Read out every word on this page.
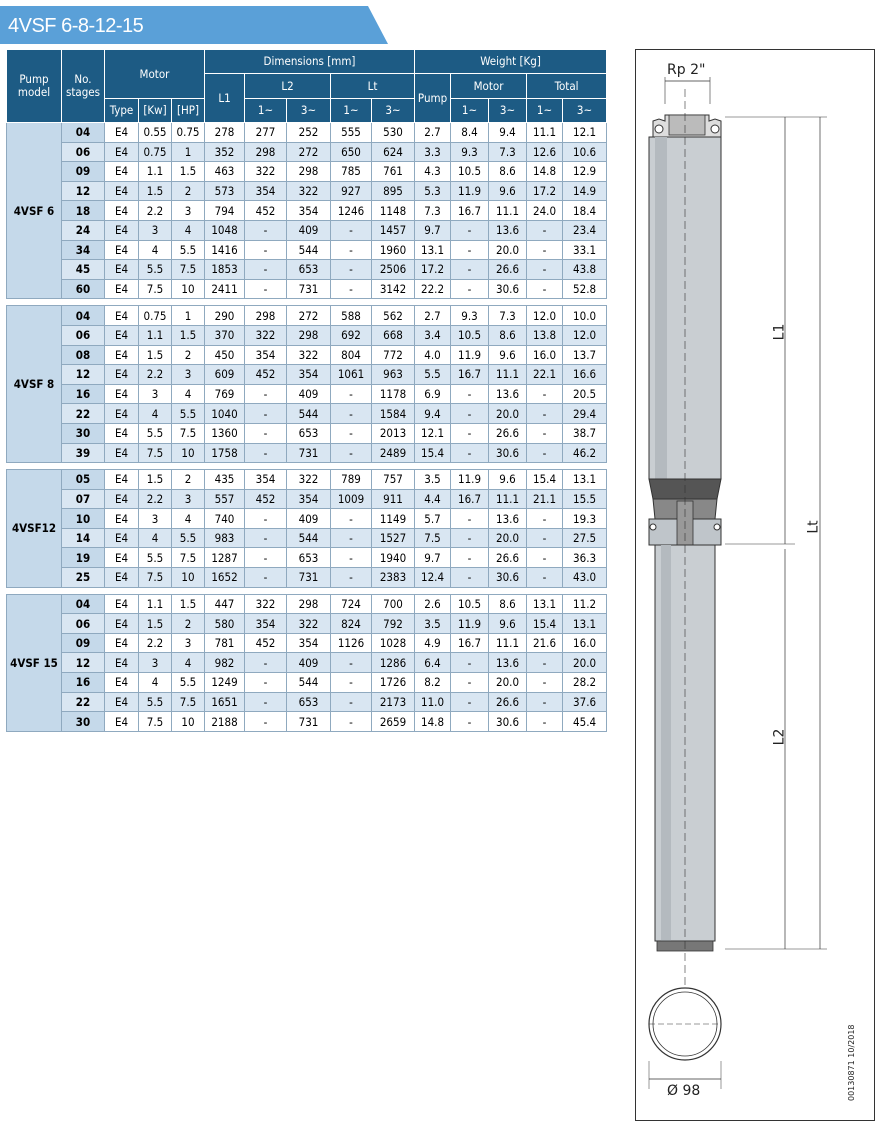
4VSF 6-8-12-15
Pump model	No. stages	Motor			Dimensions [mm]					Weight [Kg]				
					L1	L2		Lt		Pump	Motor		Total	
		Type	[Kw]	[HP]		1~	3~	1~	3~		1~	3~	1~	3~
4VSF 6	04	E4	0.55	0.75	278	277	252	555	530	2.7	8.4	9.4	11.1	12.1
	06	E4	0.75	1	352	298	272	650	624	3.3	9.3	7.3	12.6	10.6
	09	E4	1.1	1.5	463	322	298	785	761	4.3	10.5	8.6	14.8	12.9
	12	E4	1.5	2	573	354	322	927	895	5.3	11.9	9.6	17.2	14.9
	18	E4	2.2	3	794	452	354	1246	1148	7.3	16.7	11.1	24.0	18.4
	24	E4	3	4	1048	-	409	-	1457	9.7	-	13.6	-	23.4
	34	E4	4	5.5	1416	-	544	-	1960	13.1	-	20.0	-	33.1
	45	E4	5.5	7.5	1853	-	653	-	2506	17.2	-	26.6	-	43.8
	60	E4	7.5	10	2411	-	731	-	3142	22.2	-	30.6	-	52.8

4VSF 8	04	E4	0.75	1	290	298	272	588	562	2.7	9.3	7.3	12.0	10.0
	06	E4	1.1	1.5	370	322	298	692	668	3.4	10.5	8.6	13.8	12.0
	08	E4	1.5	2	450	354	322	804	772	4.0	11.9	9.6	16.0	13.7
	12	E4	2.2	3	609	452	354	1061	963	5.5	16.7	11.1	22.1	16.6
	16	E4	3	4	769	-	409	-	1178	6.9	-	13.6	-	20.5
	22	E4	4	5.5	1040	-	544	-	1584	9.4	-	20.0	-	29.4
	30	E4	5.5	7.5	1360	-	653	-	2013	12.1	-	26.6	-	38.7
	39	E4	7.5	10	1758	-	731	-	2489	15.4	-	30.6	-	46.2

4VSF12	05	E4	1.5	2	435	354	322	789	757	3.5	11.9	9.6	15.4	13.1
	07	E4	2.2	3	557	452	354	1009	911	4.4	16.7	11.1	21.1	15.5
	10	E4	3	4	740	-	409	-	1149	5.7	-	13.6	-	19.3
	14	E4	4	5.5	983	-	544	-	1527	7.5	-	20.0	-	27.5
	19	E4	5.5	7.5	1287	-	653	-	1940	9.7	-	26.6	-	36.3
	25	E4	7.5	10	1652	-	731	-	2383	12.4	-	30.6	-	43.0

4VSF 15	04	E4	1.1	1.5	447	322	298	724	700	2.6	10.5	8.6	13.1	11.2
	06	E4	1.5	2	580	354	322	824	792	3.5	11.9	9.6	15.4	13.1
	09	E4	2.2	3	781	452	354	1126	1028	4.9	16.7	11.1	21.6	16.0
	12	E4	3	4	982	-	409	-	1286	6.4	-	13.6	-	20.0
	16	E4	4	5.5	1249	-	544	-	1726	8.2	-	20.0	-	28.2
	22	E4	5.5	7.5	1651	-	653	-	2173	11.0	-	26.6	-	37.6
	30	E4	7.5	10	2188	-	731	-	2659	14.8	-	30.6	-	45.4
Rp 2"
L1
Lt
L2
Ø 98	00130871 10/2018
